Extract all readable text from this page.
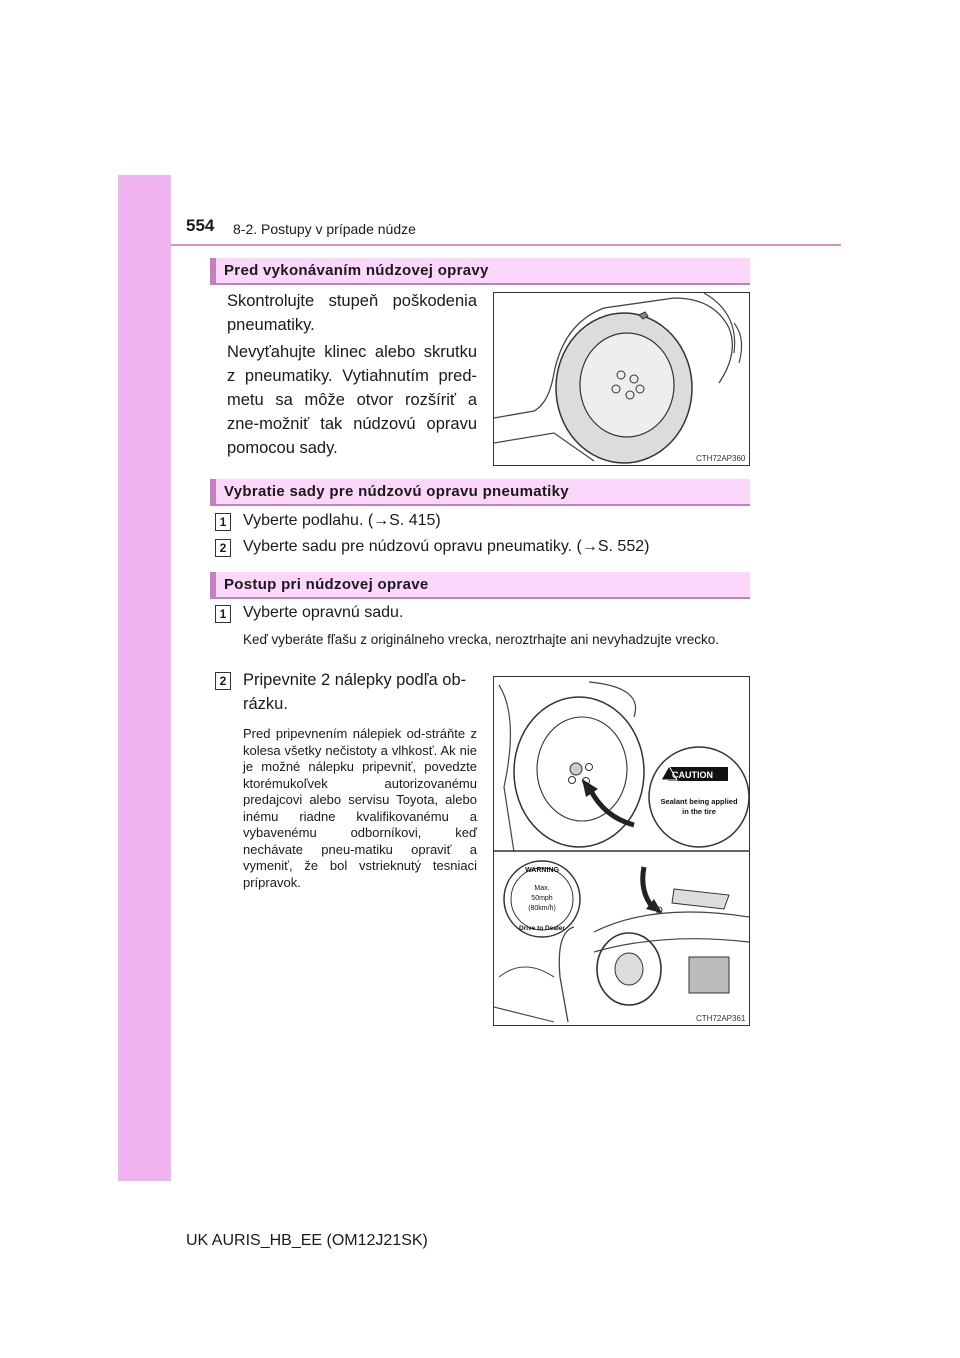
554 8-2. Postupy v prípade núdze
Pred vykonávaním núdzovej opravy
Skontrolujte stupeň poškodenia pneumatiky.
Nevyťahujte klinec alebo skrutku z pneumatiky. Vytiahnutím pred-metu sa môže otvor rozšíriť a zne-možniť tak núdzovú opravu pomocou sady.
CTH72AP360
Vybratie sady pre núdzovú opravu pneumatiky
1 Vyberte podlahu. (→S. 415)
2 Vyberte sadu pre núdzovú opravu pneumatiky. (→S. 552)
Postup pri núdzovej oprave
1 Vyberte opravnú sadu.
Keď vyberáte fľašu z originálneho vrecka, neroztrhajte ani nevyhadzujte vrecko.
2 Pripevnite 2 nálepky podľa ob-
rázku.
Pred pripevnením nálepiek od-stráňte z kolesa všetky nečistoty a vlhkosť. Ak nie je možné nálepku pripevniť, povedzte ktorémukoľvek autorizovanému predajcovi alebo servisu Toyota, alebo inému riadne kvalifikovanému a vybavenému odborníkovi, keď nechávate pneu-matiku opraviť a vymeniť, že bol vstrieknutý tesniaci prípravok.
CAUTION
Sealant being applied
in the tire
WARNING
Max.
50mph
(80km/h)
Drive to Dealer
CTH72AP361
UK AURIS_HB_EE (OM12J21SK)
